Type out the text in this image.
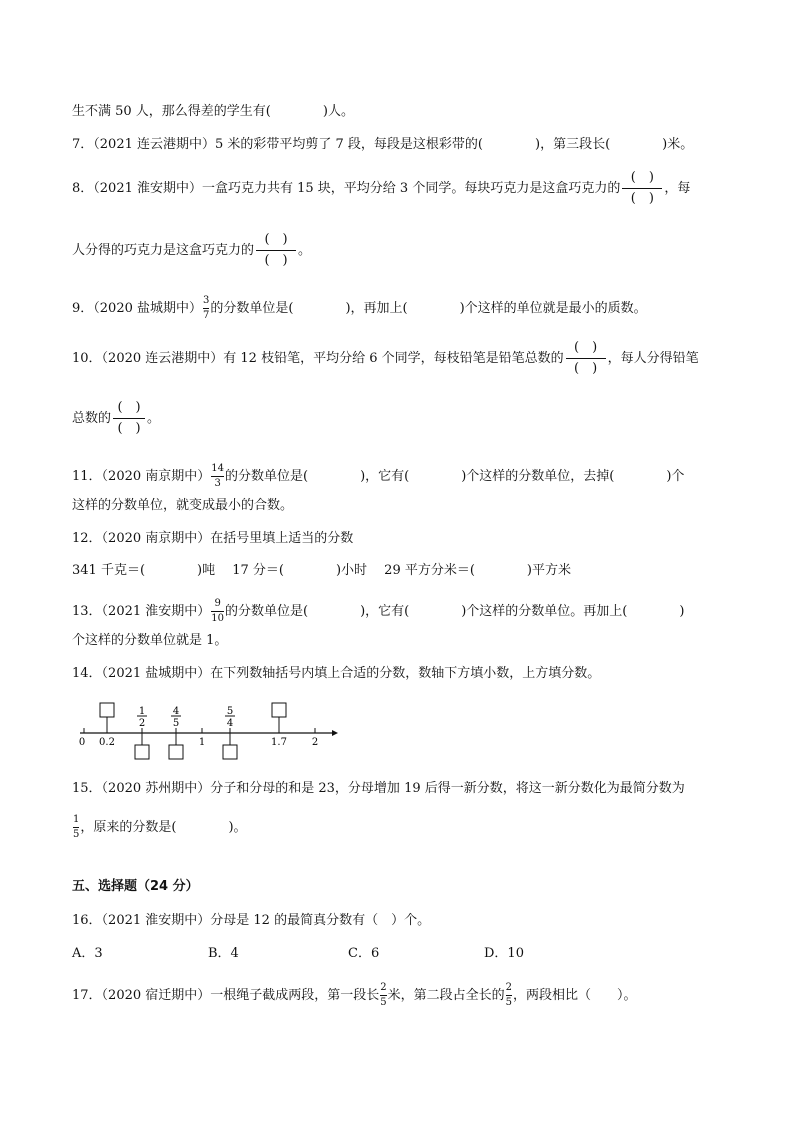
生不满 50 人，那么得差的学生有(　　　　)人。
7．（2021 连云港期中）5 米的彩带平均剪了 7 段，每段是这根彩带的(　　　　)，第三段长(　　　　)米。
8．（2021 淮安期中）一盒巧克力共有 15 块，平均分给 3 个同学。每块巧克力是这盒巧克力的
(　)
(　)
，每
人分得的巧克力是这盒巧克力的
(　)
(　)
。
9．（2020 盐城期中） $\frac{3}{7}$ 的分数单位是(　　　　)，再加上(　　　　)个这样的单位就是最小的质数。
10．（2020 连云港期中）有 12 枝铅笔，平均分给 6 个同学，每枝铅笔是铅笔总数的
(　)
(　)
，每人分得铅笔
总数的
(　)
(　)
。
11．（2020 南京期中） $\frac{14}{3}$ 的分数单位是(　　　　)，它有(　　　　)个这样的分数单位，去掉(　　　　)个
这样的分数单位，就变成最小的合数。
12．（2020 南京期中）在括号里填上适当的分数
341 千克＝(　　　　)吨　 17 分＝(　　　　)小时　 29 平方分米＝(　　　　)平方米
13．（2021 淮安期中） $\frac{9}{10}$ 的分数单位是(　　　　)，它有(　　　　)个这样的分数单位。再加上(　　　　)
个这样的分数单位就是 1。
14．（2021 盐城期中）在下列数轴括号内填上合适的分数，数轴下方填小数，上方填分数。
1
2
4
5
5
4
0 0.2	1	1.7 2
15．（2020 苏州期中）分子和分母的和是 23，分母增加 19 后得一新分数，将这一新分数化为最简分数为
$\frac{1}{5}$ ，原来的分数是(　　　　)。
五、选择题（24 分）
16．（2021 淮安期中）分母是 12 的最简真分数有（　）个。
A．3	B．4	C．6	D．10
17．（2020 宿迁期中）一根绳子截成两段，第一段长 $\frac{2}{5}$ 米，第二段占全长的 $\frac{2}{5}$ ，两段相比（　　）。
